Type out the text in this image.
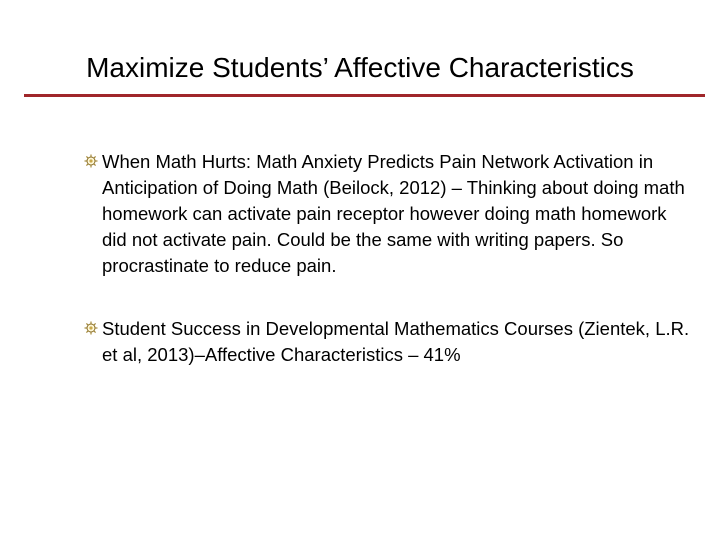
Maximize Students’ Affective Characteristics
When Math Hurts: Math Anxiety Predicts Pain Network Activation in Anticipation of Doing Math (Beilock, 2012) – Thinking about doing math homework can activate pain receptor however doing math homework did not activate pain. Could be the same with writing papers. So procrastinate to reduce pain.
Student Success in Developmental Mathematics Courses (Zientek, L.R. et al, 2013)–Affective Characteristics – 41%
